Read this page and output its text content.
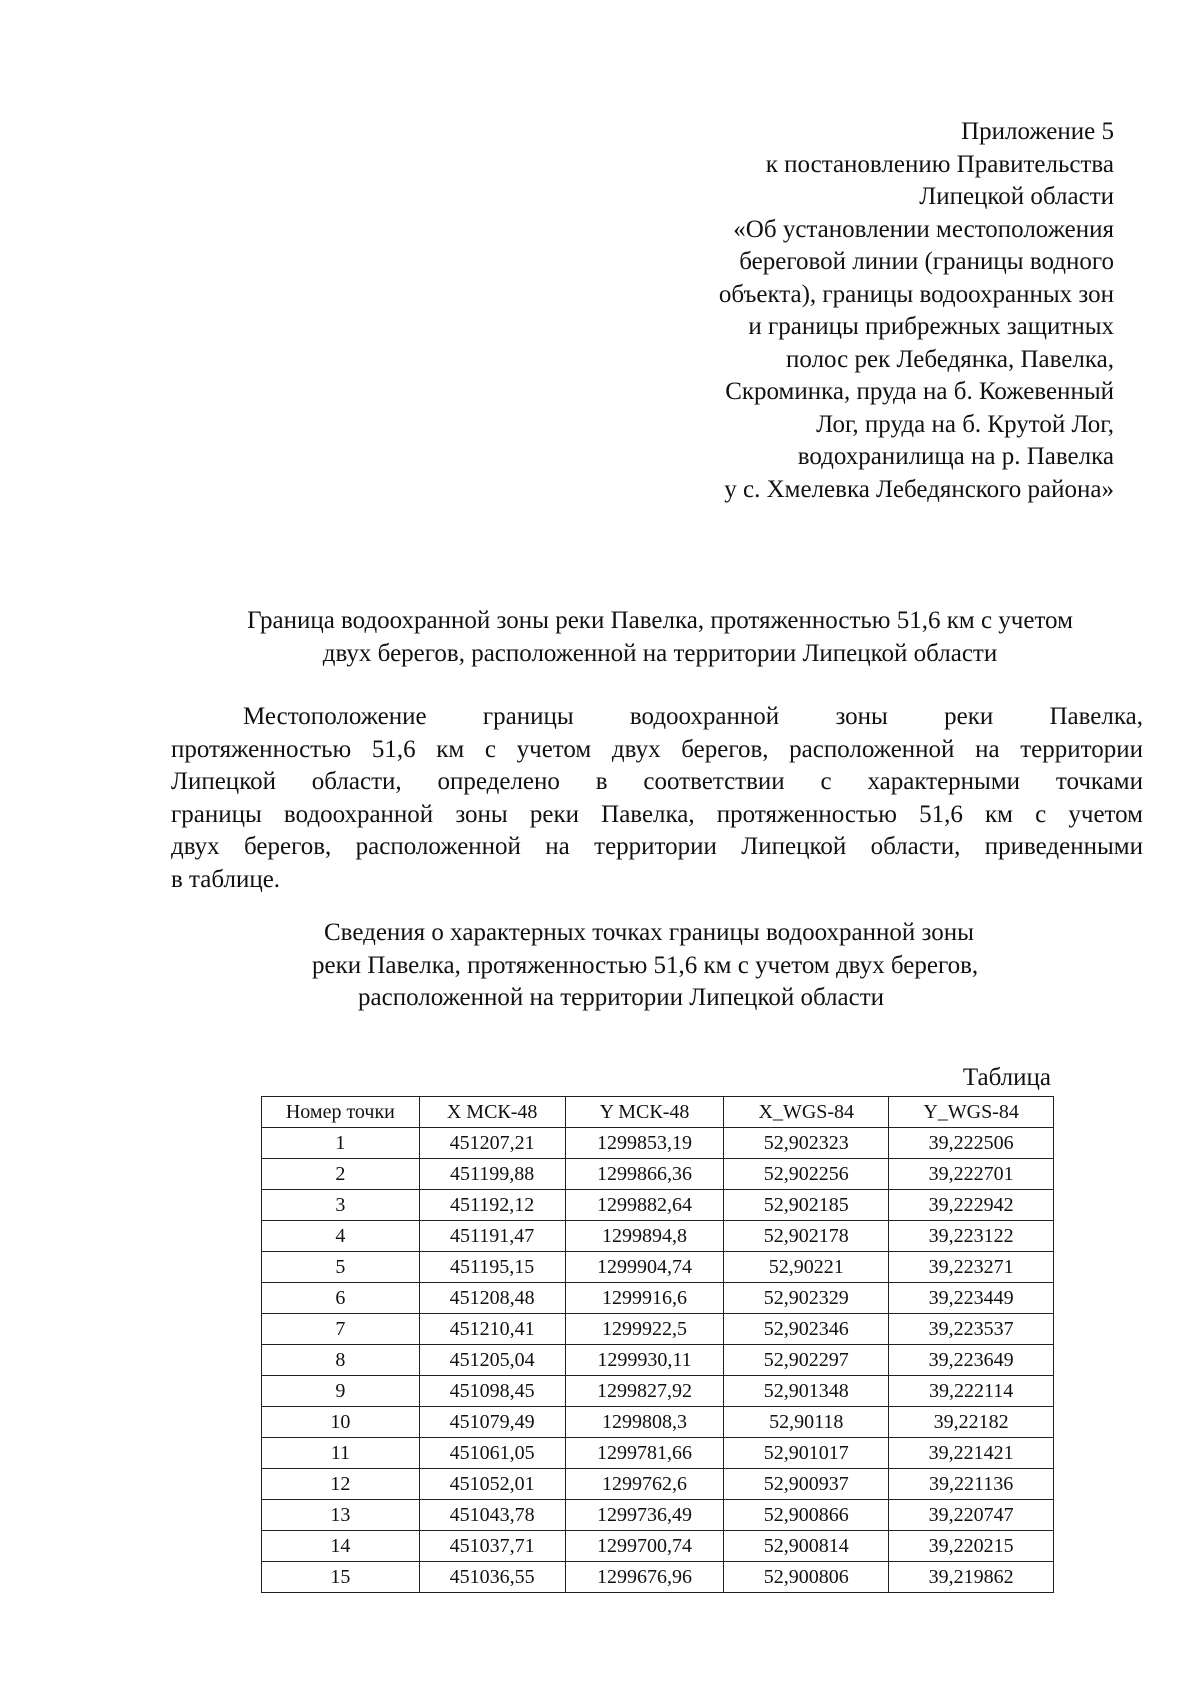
Приложение 5
к постановлению Правительства
Липецкой области
«Об установлении местоположения
береговой линии (границы водного
объекта), границы водоохранных зон
и границы прибрежных защитных
полос рек Лебедянка, Павелка,
Скроминка, пруда на б. Кожевенный
Лог, пруда на б. Крутой Лог,
водохранилища на р. Павелка
у с. Хмелевка Лебедянского района»
Граница водоохранной зоны реки Павелка, протяженностью 51,6 км с учетом
двух берегов, расположенной на территории Липецкой области
Местоположение границы водоохранной зоны реки Павелка,
протяженностью 51,6 км с учетом двух берегов, расположенной на территории
Липецкой области, определено в соответствии с характерными точками
границы водоохранной зоны реки Павелка, протяженностью 51,6 км с учетом
двух берегов, расположенной на территории Липецкой области, приведенными
в таблице.
Сведения о характерных точках границы водоохранной зоны
реки Павелка, протяженностью 51,6 км с учетом двух берегов,
расположенной на территории Липецкой области
Таблица
Номер точки	X МСК-48	Y МСК-48	X_WGS-84	Y_WGS-84
1	451207,21	1299853,19	52,902323	39,222506
2	451199,88	1299866,36	52,902256	39,222701
3	451192,12	1299882,64	52,902185	39,222942
4	451191,47	1299894,8	52,902178	39,223122
5	451195,15	1299904,74	52,90221	39,223271
6	451208,48	1299916,6	52,902329	39,223449
7	451210,41	1299922,5	52,902346	39,223537
8	451205,04	1299930,11	52,902297	39,223649
9	451098,45	1299827,92	52,901348	39,222114
10	451079,49	1299808,3	52,90118	39,22182
11	451061,05	1299781,66	52,901017	39,221421
12	451052,01	1299762,6	52,900937	39,221136
13	451043,78	1299736,49	52,900866	39,220747
14	451037,71	1299700,74	52,900814	39,220215
15	451036,55	1299676,96	52,900806	39,219862
